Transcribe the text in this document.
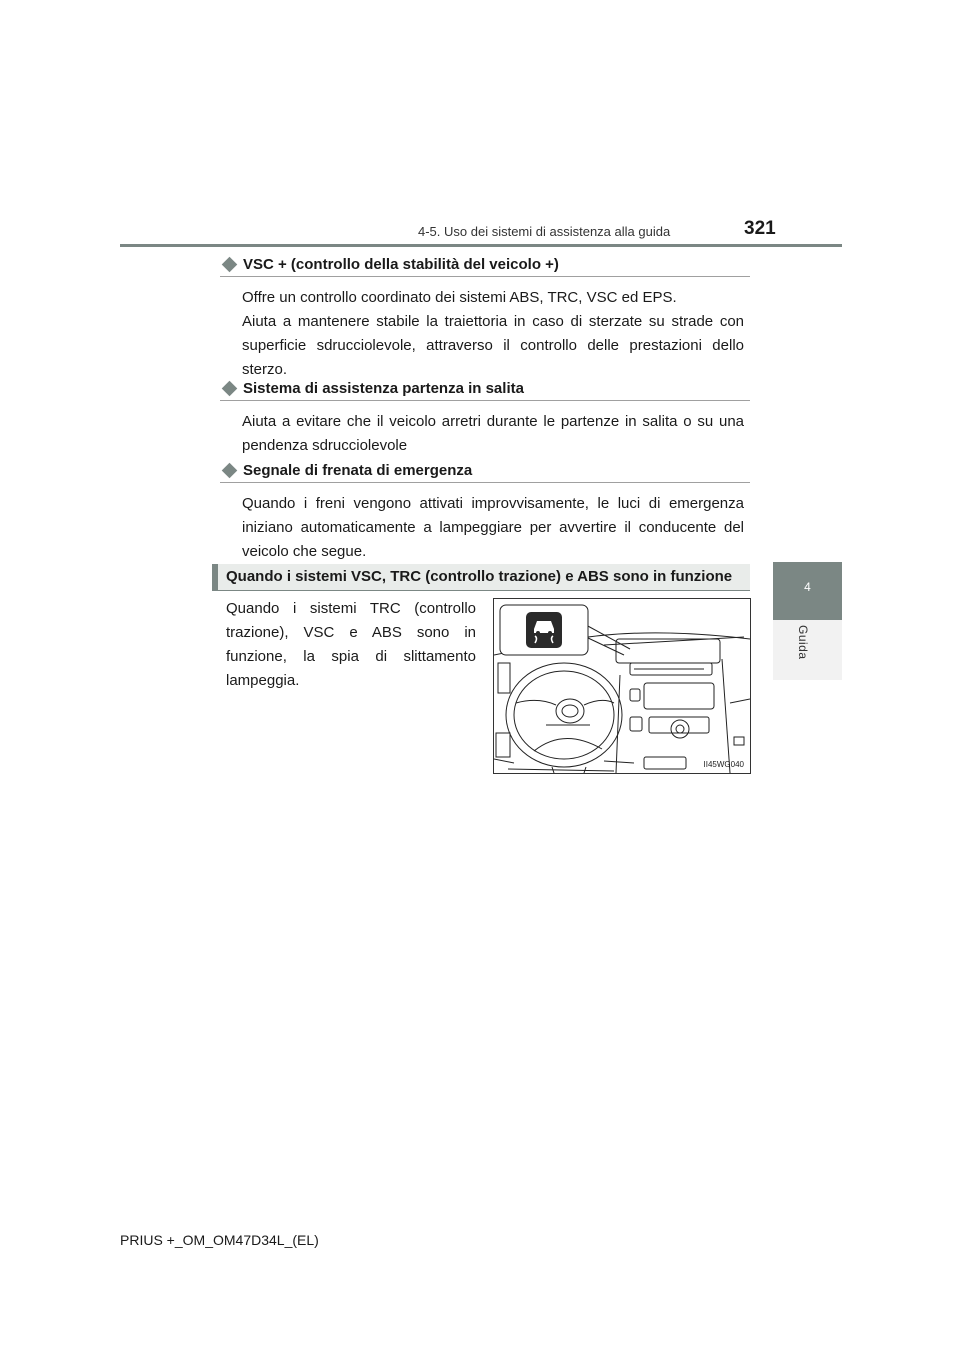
4-5. Uso dei sistemi di assistenza alla guida	321
4
Guida
VSC + (controllo della stabilità del veicolo +)

Offre un controllo coordinato dei sistemi ABS, TRC, VSC ed EPS.

Aiuta a mantenere stabile la traiettoria in caso di sterzate su strade con superficie sdrucciolevole, attraverso il controllo delle prestazioni dello sterzo.

Sistema di assistenza partenza in salita

Aiuta a evitare che il veicolo arretri durante le partenze in salita o su una pendenza sdrucciolevole

Segnale di frenata di emergenza

Quando i freni vengono attivati improvvisamente, le luci di emergenza iniziano automaticamente a lampeggiare per avvertire il conducente del veicolo che segue.

Quando i sistemi VSC, TRC (controllo trazione) e ABS sono in funzione
Quando i sistemi TRC (controllo trazione), VSC e ABS sono in funzione, la spia di slittamento lampeggia.
II45WG040
PRIUS +_OM_OM47D34L_(EL)
